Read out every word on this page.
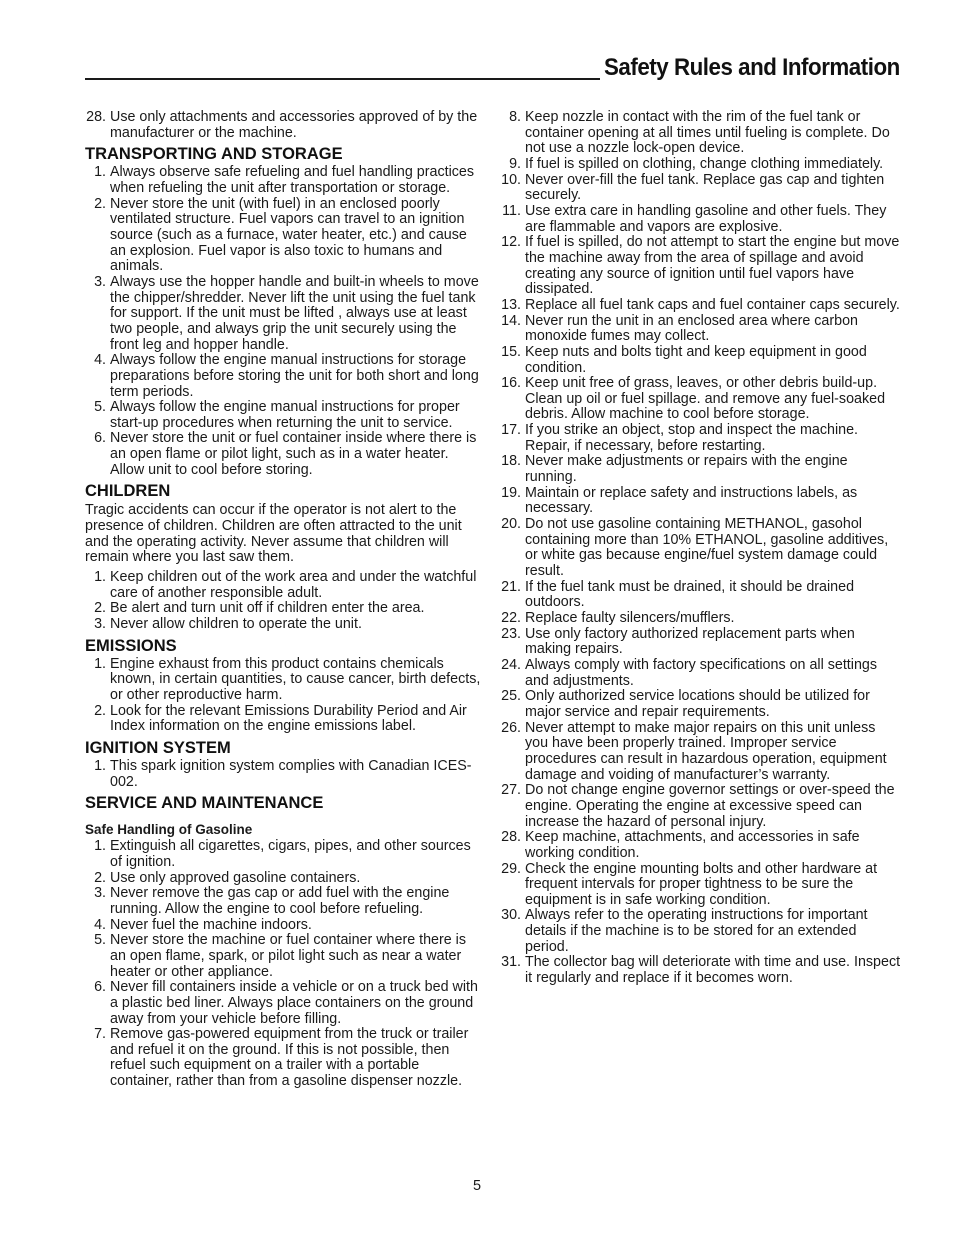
Safety Rules and Information
28. Use only attachments and accessories approved of by the manufacturer or the machine.
TRANSPORTING AND STORAGE
1. Always observe safe refueling and fuel handling practices when refueling the unit after transportation or storage.
2. Never store the unit (with fuel) in an enclosed poorly ventilated structure. Fuel vapors can travel to an ignition source (such as a furnace, water heater, etc.) and cause an explosion. Fuel vapor is also toxic to humans and animals.
3. Always use the hopper handle and built-in wheels to move the chipper/shredder. Never lift the unit using the fuel tank for support. If the unit must be lifted , always use at least two people, and always grip the unit securely using the front leg and hopper handle.
4. Always follow the engine manual instructions for storage preparations before storing the unit for both short and long term periods.
5. Always follow the engine manual instructions for proper start-up procedures when returning the unit to service.
6. Never store the unit or fuel container inside where there is an open flame or pilot light, such as in a water heater. Allow unit to cool before storing.
CHILDREN
Tragic accidents can occur if the operator is not alert to the presence of children. Children are often attracted to the unit and the operating activity. Never assume that children will remain where you last saw them.
1. Keep children out of the work area and under the watchful care of another responsible adult.
2. Be alert and turn unit off if children enter the area.
3. Never allow children to operate the unit.
EMISSIONS
1. Engine exhaust from this product contains chemicals known, in certain quantities, to cause cancer, birth defects, or other reproductive harm.
2. Look for the relevant Emissions Durability Period and Air Index information on the engine emissions label.
IGNITION SYSTEM
1. This spark ignition system complies with Canadian ICES-002.
SERVICE AND MAINTENANCE
Safe Handling of Gasoline
1. Extinguish all cigarettes, cigars, pipes, and other sources of ignition.
2. Use only approved gasoline containers.
3. Never remove the gas cap or add fuel with the engine running. Allow the engine to cool before refueling.
4. Never fuel the machine indoors.
5. Never store the machine or fuel container where there is an open flame, spark, or pilot light such as near a water heater or other appliance.
6. Never fill containers inside a vehicle or on a truck bed with a plastic bed liner. Always place containers on the ground away from your vehicle before filling.
7. Remove gas-powered equipment from the truck or trailer and refuel it on the ground. If this is not possible, then refuel such equipment on a trailer with a portable container, rather than from a gasoline dispenser nozzle.
8. Keep nozzle in contact with the rim of the fuel tank or container opening at all times until fueling is complete. Do not use a nozzle lock-open device.
9. If fuel is spilled on clothing, change clothing immediately.
10. Never over-fill the fuel tank. Replace gas cap and tighten securely.
11. Use extra care in handling gasoline and other fuels. They are flammable and vapors are explosive.
12. If fuel is spilled, do not attempt to start the engine but move the machine away from the area of spillage and avoid creating any source of ignition until fuel vapors have dissipated.
13. Replace all fuel tank caps and fuel container caps securely.
14. Never run the unit in an enclosed area where carbon monoxide fumes may collect.
15. Keep nuts and bolts tight and keep equipment in good condition.
16. Keep unit free of grass, leaves, or other debris build-up. Clean up oil or fuel spillage. and remove any fuel-soaked debris. Allow machine to cool before storage.
17. If you strike an object, stop and inspect the machine. Repair, if necessary, before restarting.
18. Never make adjustments or repairs with the engine running.
19. Maintain or replace safety and instructions labels, as necessary.
20. Do not use gasoline containing METHANOL, gasohol containing more than 10% ETHANOL, gasoline additives, or white gas because engine/fuel system damage could result.
21. If the fuel tank must be drained, it should be drained outdoors.
22. Replace faulty silencers/mufflers.
23. Use only factory authorized replacement parts when making repairs.
24. Always comply with factory specifications on all settings and adjustments.
25. Only authorized service locations should be utilized for major service and repair requirements.
26. Never attempt to make major repairs on this unit unless you have been properly trained. Improper service procedures can result in hazardous operation, equipment damage and voiding of manufacturer’s warranty.
27. Do not change engine governor settings or over-speed the engine. Operating the engine at excessive speed can increase the hazard of personal injury.
28. Keep machine, attachments, and accessories in safe working condition.
29. Check the engine mounting bolts and other hardware at frequent intervals for proper tightness to be sure the equipment is in safe working condition.
30. Always refer to the operating instructions for important details if the machine is to be stored for an extended period.
31. The collector bag will deteriorate with time and use. Inspect it regularly and replace if it becomes worn.
5
